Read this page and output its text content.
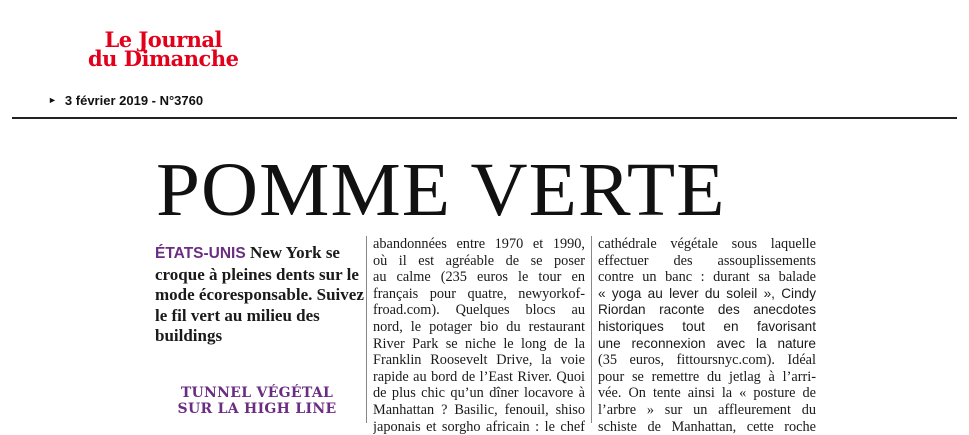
Le Journal
du Dimanche
► 3 février 2019 - N°3760
POMME VERTE
ÉTATS-UNIS New York se croque à pleines dents sur le mode écoresponsable. Suivez le fil vert au milieu des buildings
TUNNEL VÉGÉTAL
SUR LA HIGH LINE
abandonnées entre 1970 et 1990,
où il est agréable de se poser
au calme (235 euros le tour en
français pour quatre, newyorkof-
froad.com). Quelques blocs au
nord, le potager bio du restaurant
River Park se niche le long de la
Franklin Roosevelt Drive, la voie
rapide au bord de l’East River. Quoi
de plus chic qu’un dîner locavore à
Manhattan ? Basilic, fenouil, shiso
japonais et sorgho africain : le chef
cathédrale végétale sous laquelle
effectuer des assouplissements
contre un banc : durant sa balade
« yoga au lever du soleil », Cindy
Riordan raconte des anecdotes
historiques tout en favorisant
une reconnexion avec la nature
(35 euros, fittoursnyc.com). Idéal
pour se remettre du jetlag à l’arri-
vée. On tente ainsi la « posture de
l’arbre » sur un affleurement du
schiste de Manhattan, cette roche
